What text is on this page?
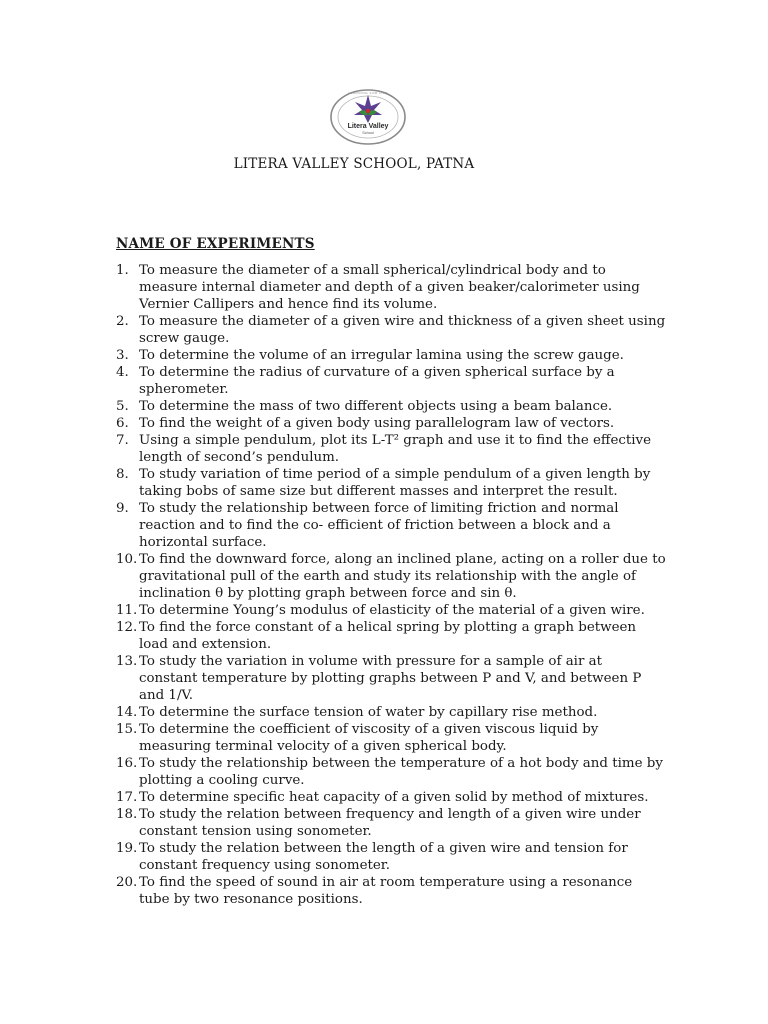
Litera Valley
School
LEARNING FOR LIFE
LITERA VALLEY SCHOOL, PATNA
NAME OF EXPERIMENTS
1. To measure the diameter of a small spherical/cylindrical body and to
measure internal diameter and depth of a given beaker/calorimeter using
Vernier Callipers and hence find its volume.
2. To measure the diameter of a given wire and thickness of a given sheet using
screw gauge.
3. To determine the volume of an irregular lamina using the screw gauge.
4. To determine the radius of curvature of a given spherical surface by a
spherometer.
5. To determine the mass of two different objects using a beam balance.
6. To find the weight of a given body using parallelogram law of vectors.
7. Using a simple pendulum, plot its L-T² graph and use it to find the effective
length of second’s pendulum.
8. To study variation of time period of a simple pendulum of a given length by
taking bobs of same size but different masses and interpret the result.
9. To study the relationship between force of limiting friction and normal
reaction and to find the co- efficient of friction between a block and a
horizontal surface.
10. To find the downward force, along an inclined plane, acting on a roller due to
gravitational pull of the earth and study its relationship with the angle of
inclination θ by plotting graph between force and sin θ.
11. To determine Young’s modulus of elasticity of the material of a given wire.
12. To find the force constant of a helical spring by plotting a graph between
load and extension.
13. To study the variation in volume with pressure for a sample of air at
constant temperature by plotting graphs between P and V, and between P
and 1/V.
14. To determine the surface tension of water by capillary rise method.
15. To determine the coefficient of viscosity of a given viscous liquid by
measuring terminal velocity of a given spherical body.
16. To study the relationship between the temperature of a hot body and time by
plotting a cooling curve.
17. To determine specific heat capacity of a given solid by method of mixtures.
18. To study the relation between frequency and length of a given wire under
constant tension using sonometer.
19. To study the relation between the length of a given wire and tension for
constant frequency using sonometer.
20. To find the speed of sound in air at room temperature using a resonance
tube by two resonance positions.
